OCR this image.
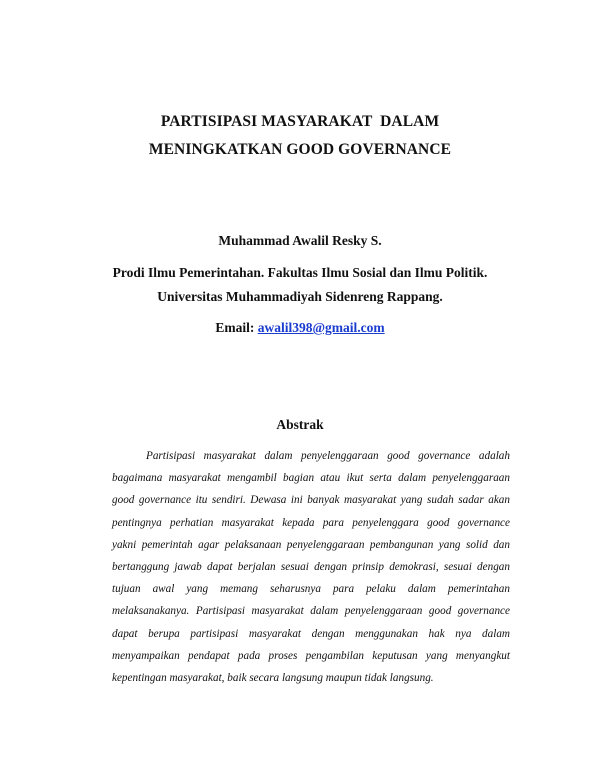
PARTISIPASI MASYARAKAT  DALAM
MENINGKATKAN GOOD GOVERNANCE
Muhammad Awalil Resky S.
Prodi Ilmu Pemerintahan. Fakultas Ilmu Sosial dan Ilmu Politik.
Universitas Muhammadiyah Sidenreng Rappang.
Email: awalil398@gmail.com
Abstrak
Partisipasi masyarakat dalam penyelenggaraan good governance adalah
bagaimana masyarakat mengambil bagian atau ikut serta dalam penyelenggaraan
good governance itu sendiri. Dewasa ini banyak masyarakat yang sudah sadar akan
pentingnya perhatian masyarakat kepada para penyelenggara good governance
yakni pemerintah agar pelaksanaan penyelenggaraan pembangunan yang solid dan
bertanggung jawab dapat berjalan sesuai dengan prinsip demokrasi, sesuai dengan
tujuan awal yang memang seharusnya para pelaku dalam pemerintahan
melaksanakanya. Partisipasi masyarakat dalam penyelenggaraan good governance
dapat berupa partisipasi masyarakat dengan menggunakan hak nya dalam
menyampaikan pendapat pada proses pengambilan keputusan yang menyangkut
kepentingan masyarakat, baik secara langsung maupun tidak langsung.
